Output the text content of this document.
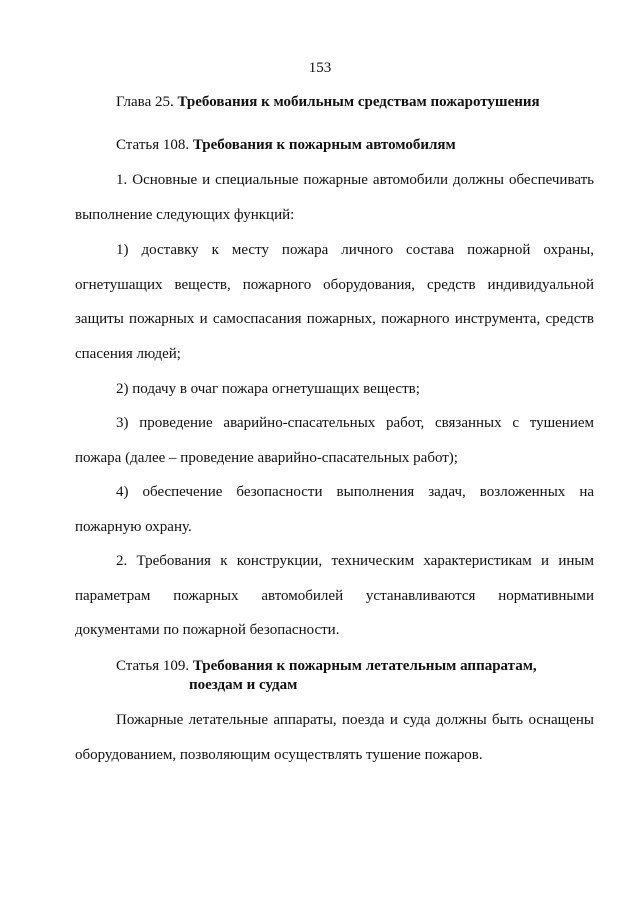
153
Глава 25. Требования к мобильным средствам пожаротушения
Статья 108. Требования к пожарным автомобилям
1. Основные и специальные пожарные автомобили должны обеспечивать
выполнение следующих функций:
1) доставку к месту пожара личного состава пожарной охраны,
огнетушащих веществ, пожарного оборудования, средств индивидуальной
защиты пожарных и самоспасания пожарных, пожарного инструмента, средств
спасения людей;
2) подачу в очаг пожара огнетушащих веществ;
3) проведение аварийно-спасательных работ, связанных с тушением
пожара (далее – проведение аварийно-спасательных работ);
4) обеспечение безопасности выполнения задач, возложенных на
пожарную охрану.
2. Требования к конструкции, техническим характеристикам и иным
параметрам пожарных автомобилей устанавливаются нормативными
документами по пожарной безопасности.
Статья 109. Требования к пожарным летательным аппаратам,
поездам и судам
Пожарные летательные аппараты, поезда и суда должны быть оснащены
оборудованием, позволяющим осуществлять тушение пожаров.
